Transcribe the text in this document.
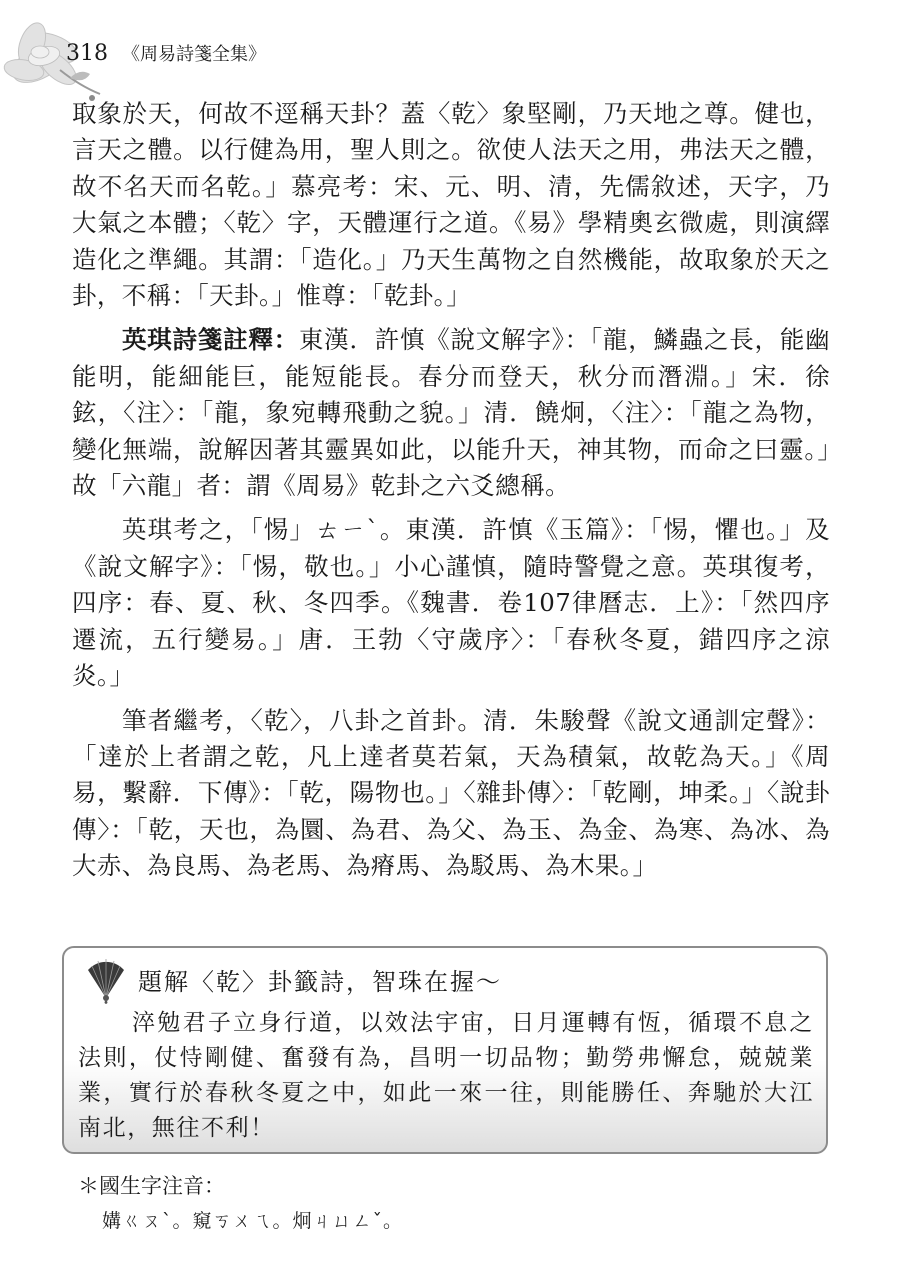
318 《周易詩箋全集》

取象於天，何故不逕稱天卦？蓋〈乾〉象堅剛，乃天地之尊。健也，言天之體。以行健為用，聖人則之。欲使人法天之用，弗法天之體，故不名天而名乾。」慕亮考：宋、元、明、清，先儒敘述，天字，乃大氣之本體；〈乾〉字，天體運行之道。《易》學精奧玄微處，則演繹造化之準繩。其謂：「造化。」乃天生萬物之自然機能，故取象於天之卦，不稱：「天卦。」惟尊：「乾卦。」

英琪詩箋註釋：東漢．許慎《說文解字》：「龍，鱗蟲之長，能幽能明，能細能巨，能短能長。春分而登天，秋分而潛淵。」宋．徐鉉，〈注〉：「龍，象宛轉飛動之貌。」清．饒炯，〈注〉：「龍之為物，變化無端，說解因著其靈異如此，以能升天，神其物，而命之曰靈。」故「六龍」者：謂《周易》乾卦之六爻總稱。

英琪考之，「惕」ㄊㄧˋ。東漢．許慎《玉篇》：「惕，懼也。」及《說文解字》：「惕，敬也。」小心謹慎，隨時警覺之意。英琪復考，四序：春、夏、秋、冬四季。《魏書．卷107律曆志．上》：「然四序遷流，五行變易。」唐．王勃〈守歲序〉：「春秋冬夏，錯四序之涼炎。」

筆者繼考，〈乾〉，八卦之首卦。清．朱駿聲《說文通訓定聲》：「達於上者謂之乾，凡上達者莫若氣，天為積氣，故乾為天。」《周易，繫辭．下傳》：「乾，陽物也。」〈雜卦傳〉：「乾剛，坤柔。」〈說卦傳〉：「乾，天也，為圜、為君、為父、為玉、為金、為寒、為冰、為大赤、為良馬、為老馬、為瘠馬、為駁馬、為木果。」

題解〈乾〉卦籤詩，智珠在握～

淬勉君子立身行道，以效法宇宙，日月運轉有恆，循環不息之法則，仗恃剛健、奮發有為，昌明一切品物；勤勞弗懈怠，兢兢業業，實行於春秋冬夏之中，如此一來一往，則能勝任、奔馳於大江南北，無往不利！

＊國生字注音：
媾ㄍㄡˋ。窺ㄎㄨㄟ。炯ㄐㄩㄥˇ。
